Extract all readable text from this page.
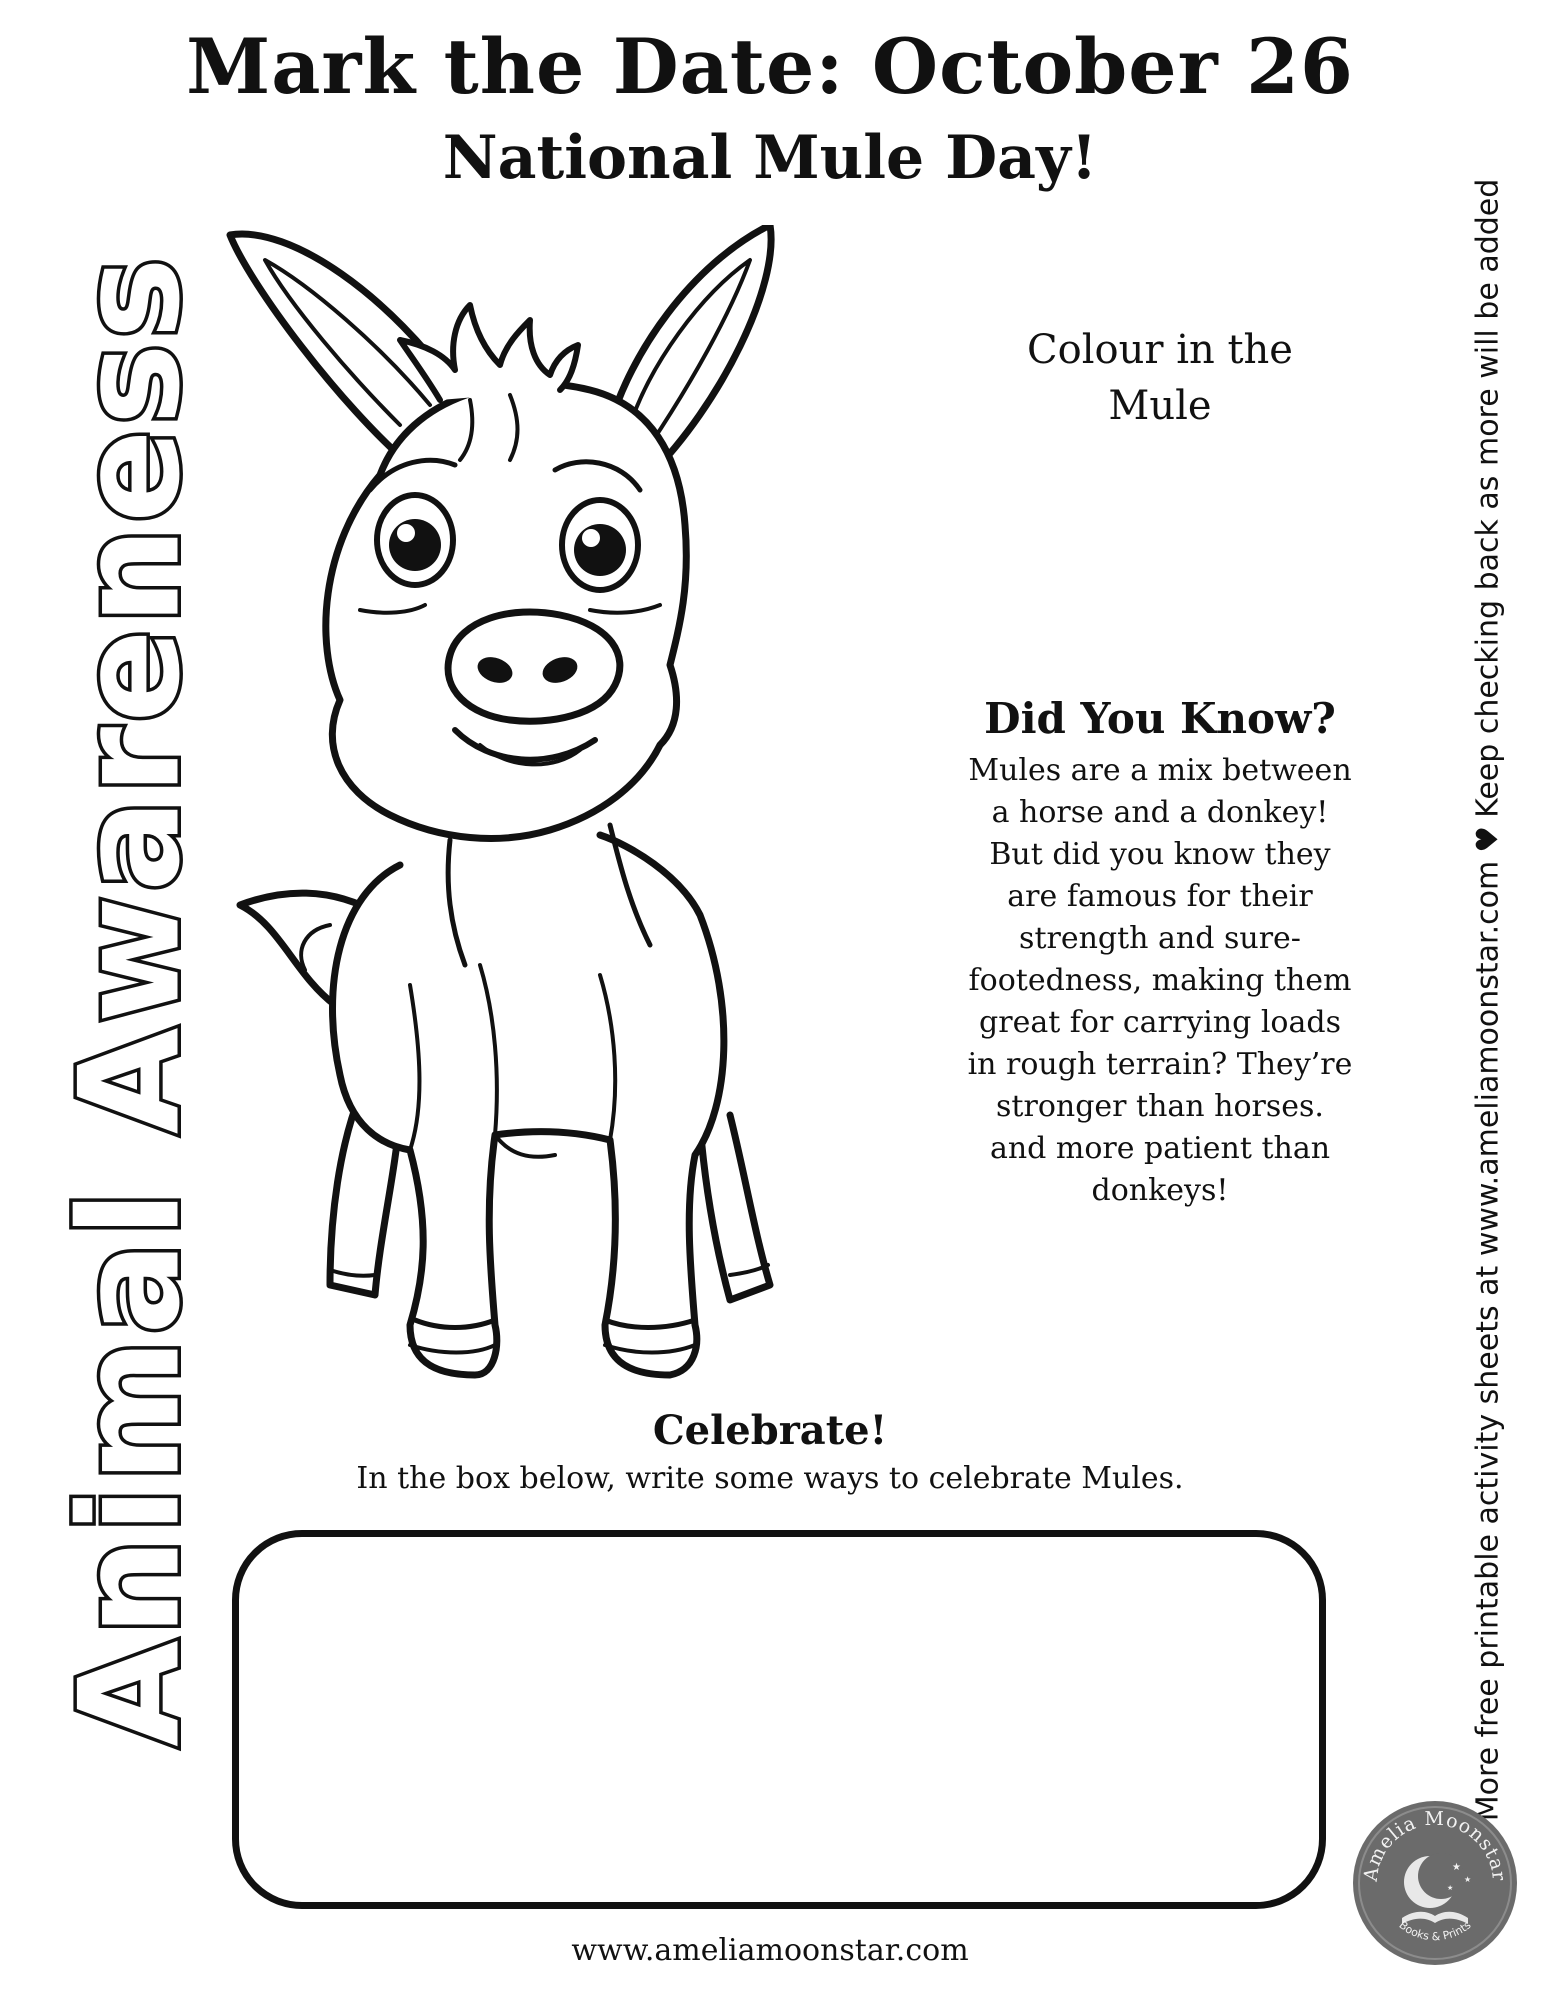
Mark the Date: October 26
National Mule Day!
Animal Awareness	More free printable activity sheets at www.ameliamoonstar.com♥Keep checking back as more will be added
Colour in the
Mule
Did You Know?
Mules are a mix between
a horse and a donkey!
But did you know they
are famous for their
strength and sure-
footedness, making them
great for carrying loads
in rough terrain? They’re
stronger than horses.
and more patient than
donkeys!
Celebrate!
In the box below, write some ways to celebrate Mules.
Amelia Moonstar
★
★
★
Books & Prints
www.ameliamoonstar.com
